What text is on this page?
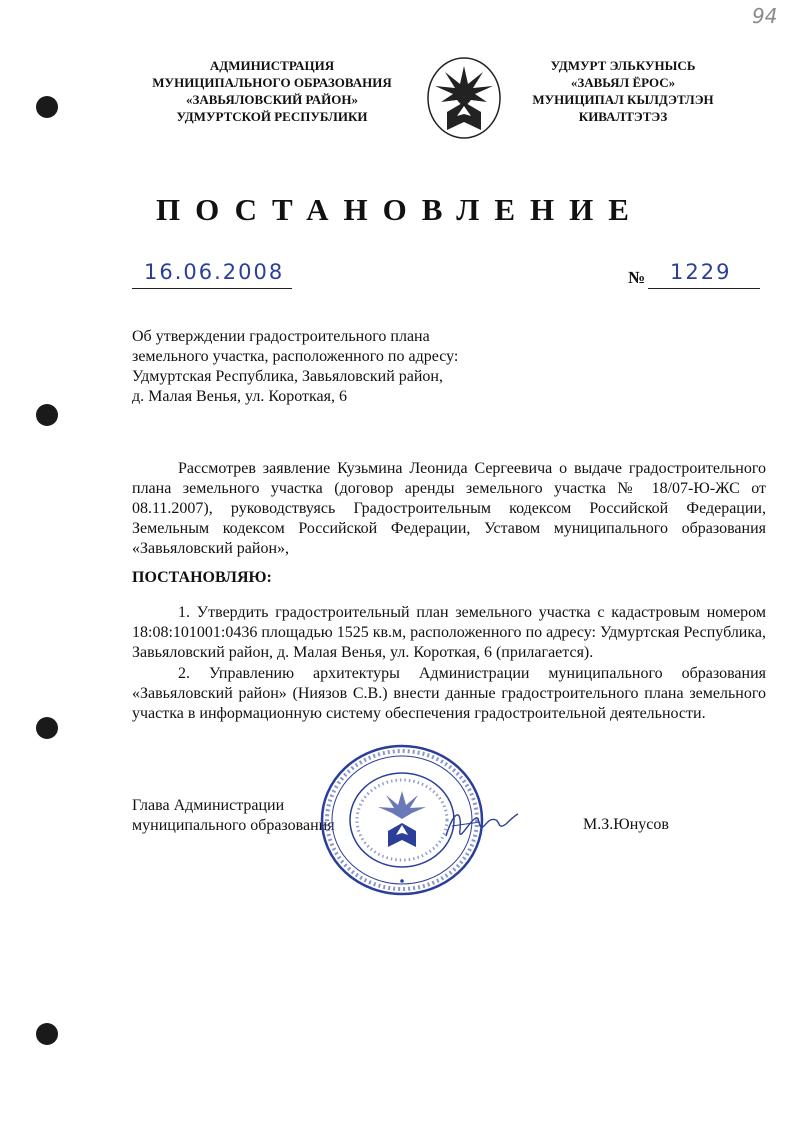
94
АДМИНИСТРАЦИЯ
МУНИЦИПАЛЬНОГО ОБРАЗОВАНИЯ
«ЗАВЬЯЛОВСКИЙ РАЙОН»
УДМУРТСКОЙ РЕСПУБЛИКИ
УДМУРТ ЭЛЬКУНЫСЬ
«ЗАВЬЯЛ ЁРОС»
МУНИЦИПАЛ КЫЛДЭТЛЭН
КИВАЛТЭТЭЗ
ПОСТАНОВЛЕНИЕ
16.06.2008	№ 1229
Об утверждении градостроительного плана
земельного участка, расположенного по адресу:
Удмуртская Республика, Завьяловский район,
д. Малая Венья, ул. Короткая, 6
Рассмотрев заявление Кузьмина Леонида Сергеевича о выдаче градостроительного плана земельного участка (договор аренды земельного участка № 18/07-Ю-ЖС от 08.11.2007), руководствуясь Градостроительным кодексом Российской Федерации, Земельным кодексом Российской Федерации, Уставом муниципального образования «Завьяловский район»,
ПОСТАНОВЛЯЮ:
1. Утвердить градостроительный план земельного участка с кадастровым номером 18:08:101001:0436 площадью 1525 кв.м, расположенного по адресу: Удмуртская Республика, Завьяловский район, д. Малая Венья, ул. Короткая, 6 (прилагается).
2. Управлению архитектуры Администрации муниципального образования «Завьяловский район» (Ниязов С.В.) внести данные градостроительного плана земельного участка в информационную систему обеспечения градостроительной деятельности.
Глава Администрации
муниципального образования	М.З.Юнусов
